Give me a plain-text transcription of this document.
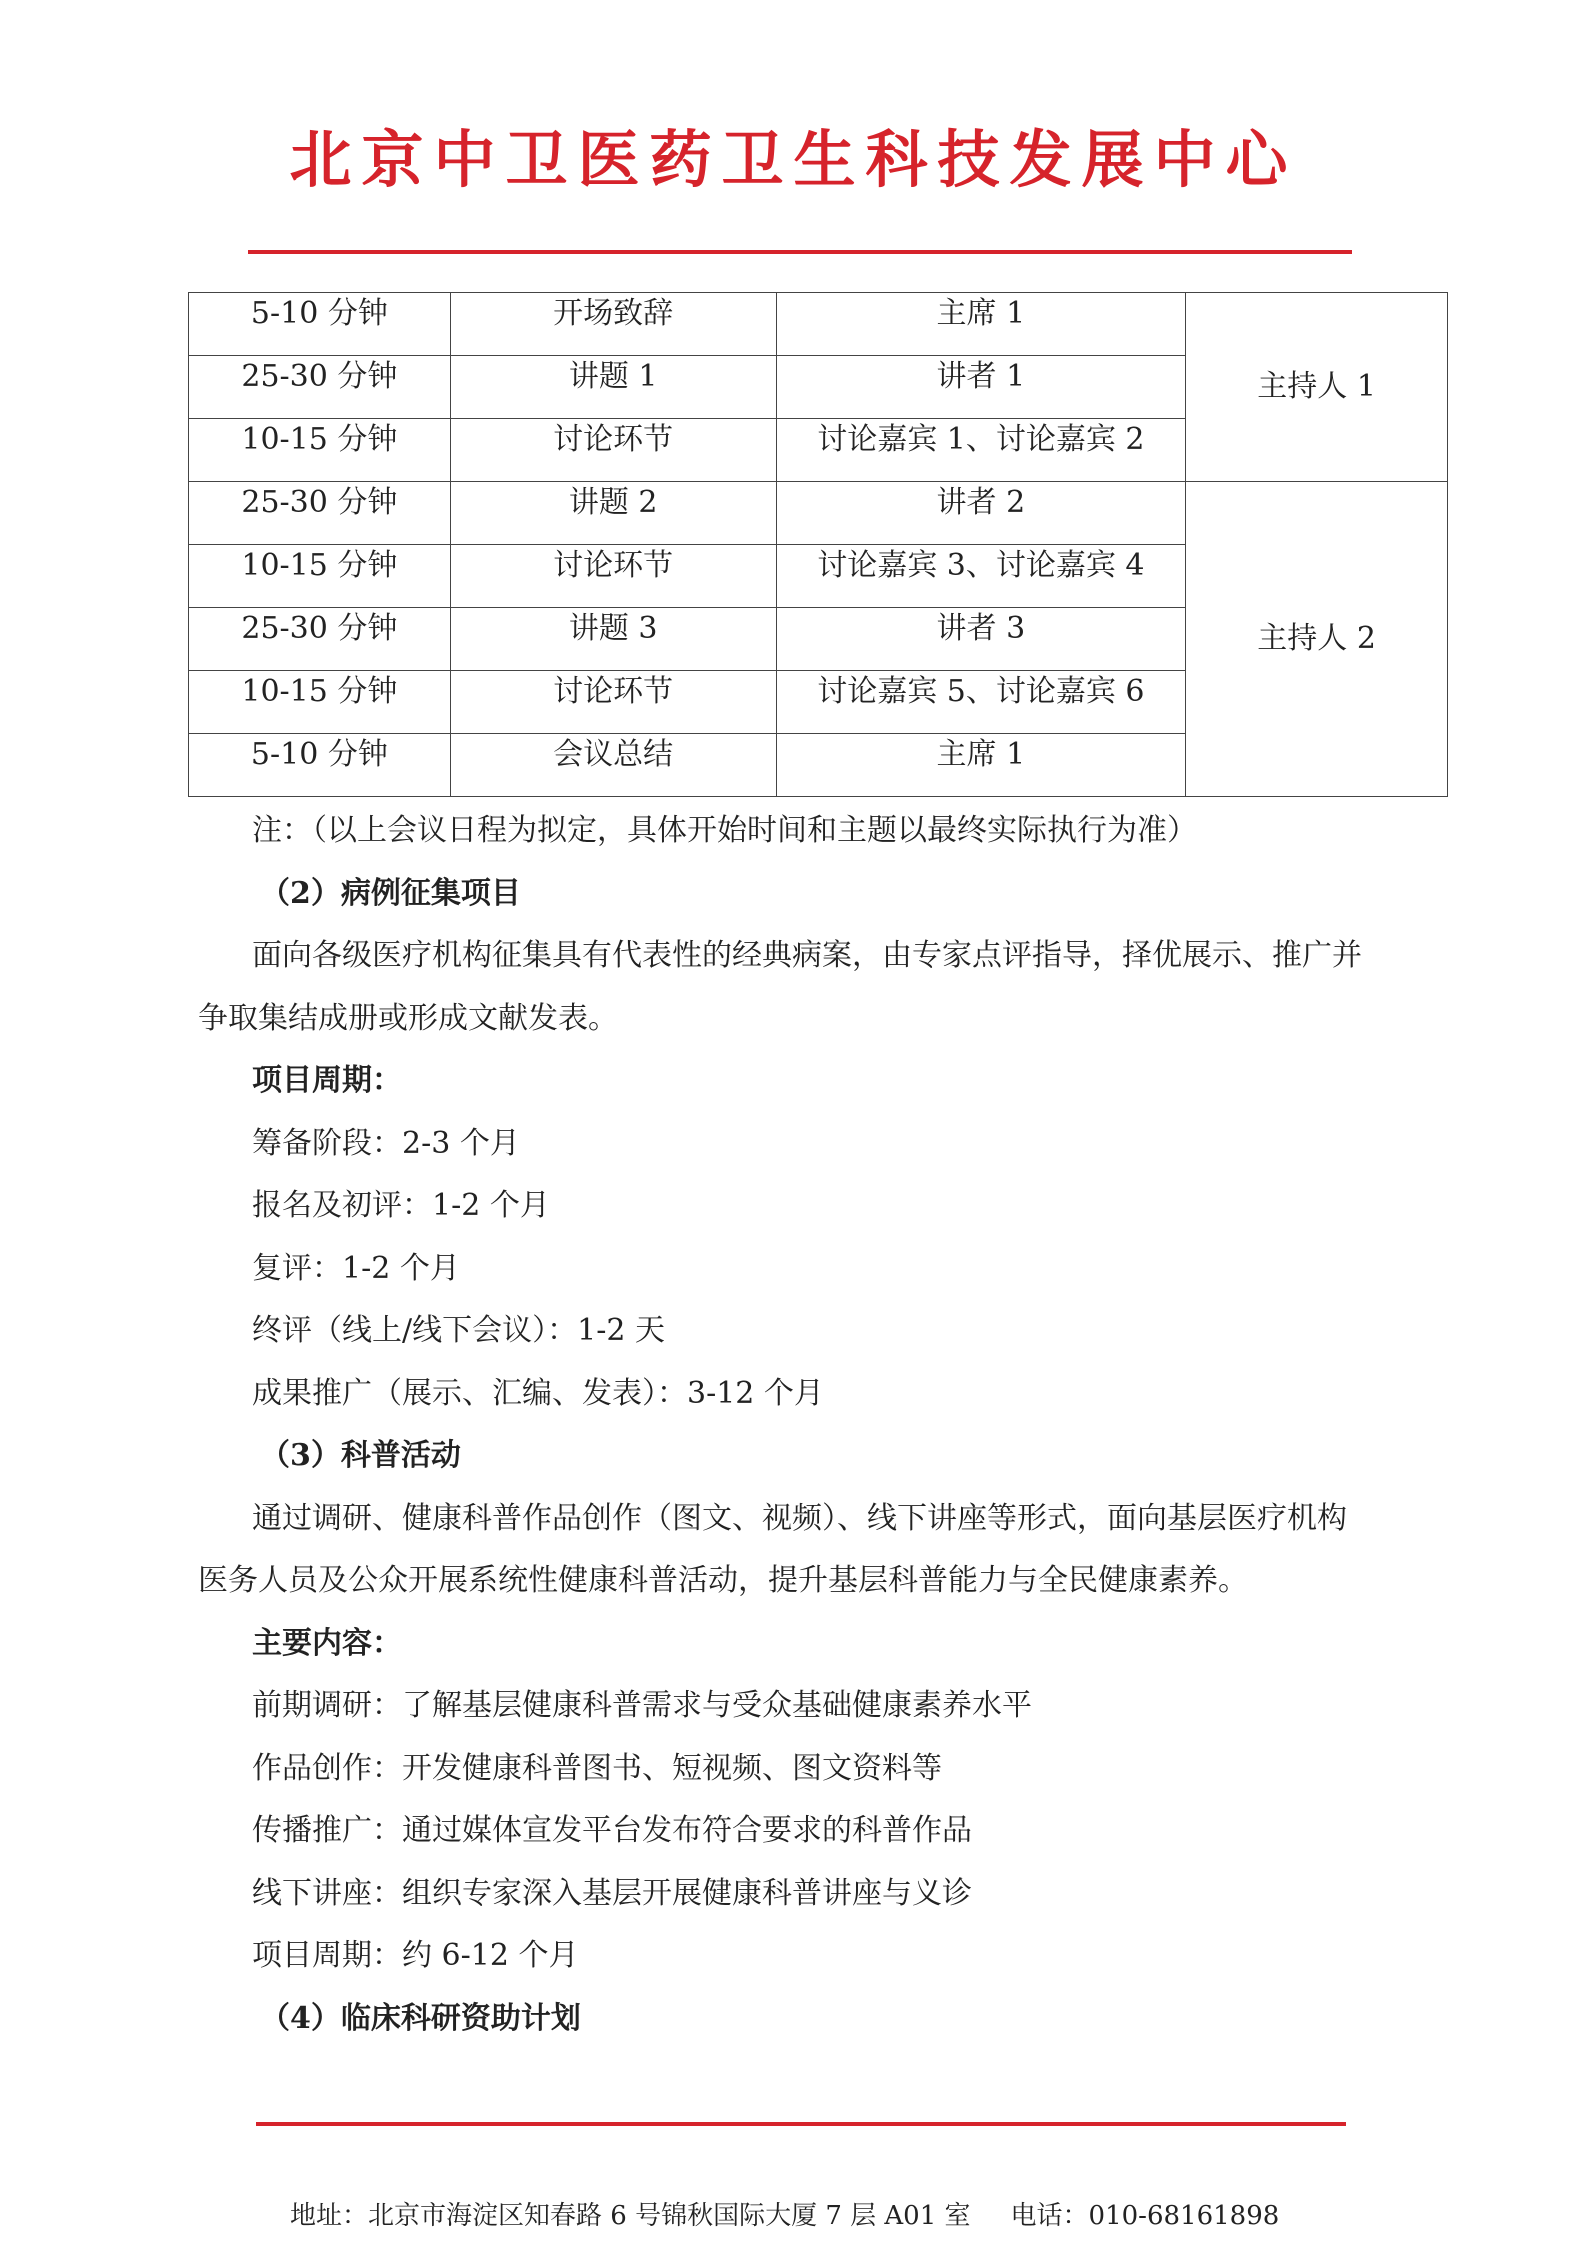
北京中卫医药卫生科技发展中心
5-10 分钟	开场致辞	主席 1	主持人 1
25-30 分钟	讲题 1	讲者 1	
10-15 分钟	讨论环节	讨论嘉宾 1、讨论嘉宾 2	
25-30 分钟	讲题 2	讲者 2	主持人 2
10-15 分钟	讨论环节	讨论嘉宾 3、讨论嘉宾 4	
25-30 分钟	讲题 3	讲者 3	
10-15 分钟	讨论环节	讨论嘉宾 5、讨论嘉宾 6	
5-10 分钟	会议总结	主席 1	
注：（以上会议日程为拟定，具体开始时间和主题以最终实际执行为准）
（2）病例征集项目
面向各级医疗机构征集具有代表性的经典病案，由专家点评指导，择优展示、推广并
争取集结成册或形成文献发表。
项目周期：
筹备阶段：2-3 个月
报名及初评：1-2 个月
复评：1-2 个月
终评（线上/线下会议）：1-2 天
成果推广（展示、汇编、发表）：3-12 个月
（3）科普活动
通过调研、健康科普作品创作（图文、视频）、线下讲座等形式，面向基层医疗机构
医务人员及公众开展系统性健康科普活动，提升基层科普能力与全民健康素养。
主要内容：
前期调研：了解基层健康科普需求与受众基础健康素养水平
作品创作：开发健康科普图书、短视频、图文资料等
传播推广：通过媒体宣发平台发布符合要求的科普作品
线下讲座：组织专家深入基层开展健康科普讲座与义诊
项目周期：约 6-12 个月
（4）临床科研资助计划
地址：北京市海淀区知春路 6 号锦秋国际大厦 7 层 A01 室 电话：010-68161898
